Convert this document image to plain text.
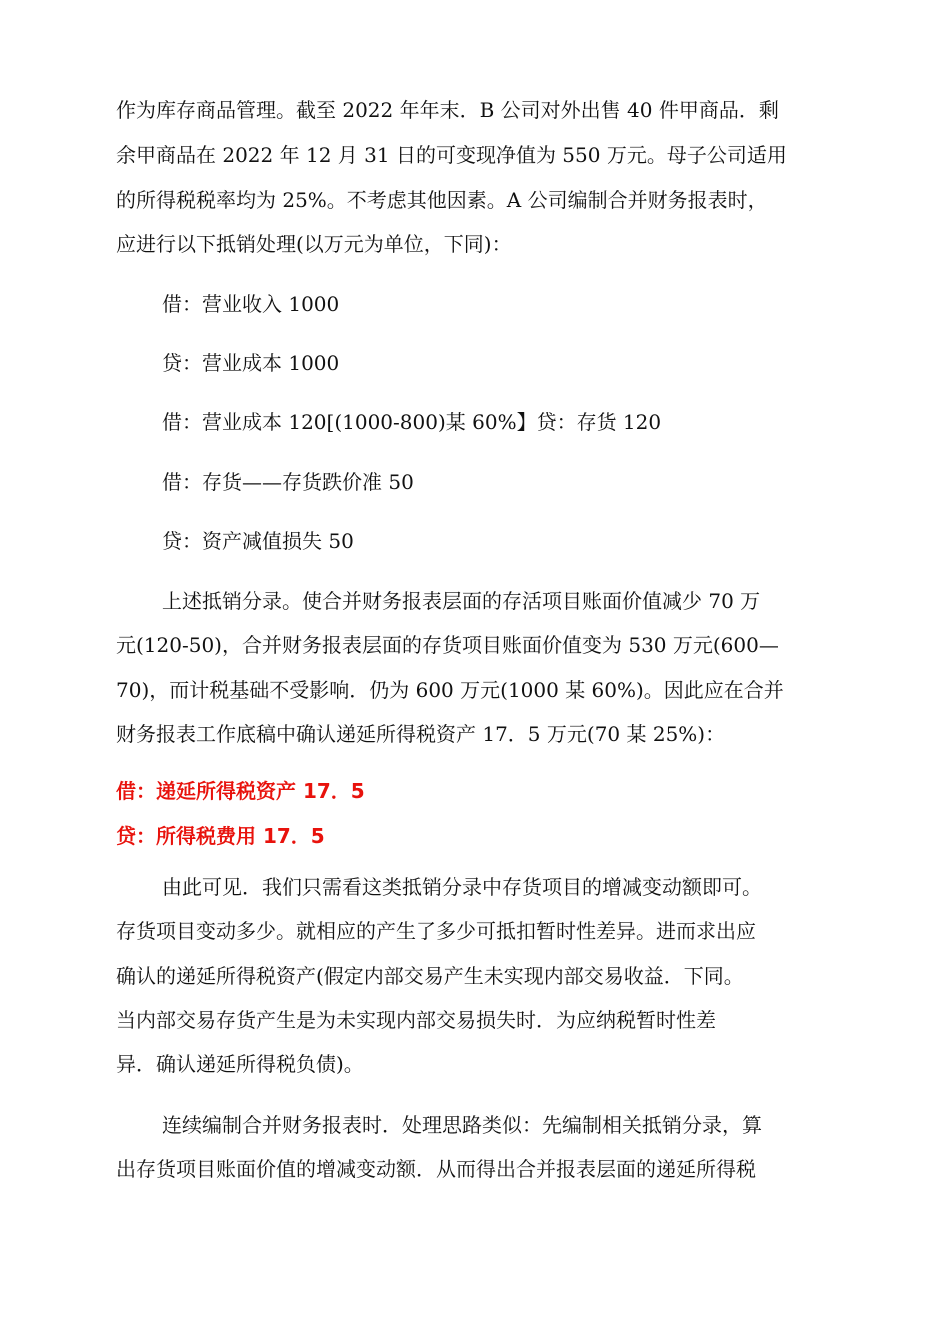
作为库存商品管理。截至 2022 年年末．B 公司对外出售 40 件甲商品．剩
余甲商品在 2022 年 12 月 31 日的可变现净值为 550 万元。母子公司适用
的所得税税率均为 25%。不考虑其他因素。A 公司编制合并财务报表时，
应进行以下抵销处理(以万元为单位，下同)：
借：营业收入 1000
贷：营业成本 1000
借：营业成本 120[(1000-800)某 60%】贷：存货 120
借：存货——存货跌价准 50
贷：资产减值损失 50
上述抵销分录。使合并财务报表层面的存活项目账面价值减少 70 万
元(120-50)，合并财务报表层面的存货项目账面价值变为 530 万元(600—
70)，而计税基础不受影响．仍为 600 万元(1000 某 60%)。因此应在合并
财务报表工作底稿中确认递延所得税资产 17．5 万元(70 某 25%)：
借：递延所得税资产 17．5
贷：所得税费用 17．5
由此可见．我们只需看这类抵销分录中存货项目的增减变动额即可。
存货项目变动多少。就相应的产生了多少可抵扣暂时性差异。进而求出应
确认的递延所得税资产(假定内部交易产生未实现内部交易收益．下同。
当内部交易存货产生是为未实现内部交易损失时．为应纳税暂时性差
异．确认递延所得税负债)。
连续编制合并财务报表时．处理思路类似：先编制相关抵销分录，算
出存货项目账面价值的增减变动额．从而得出合并报表层面的递延所得税
